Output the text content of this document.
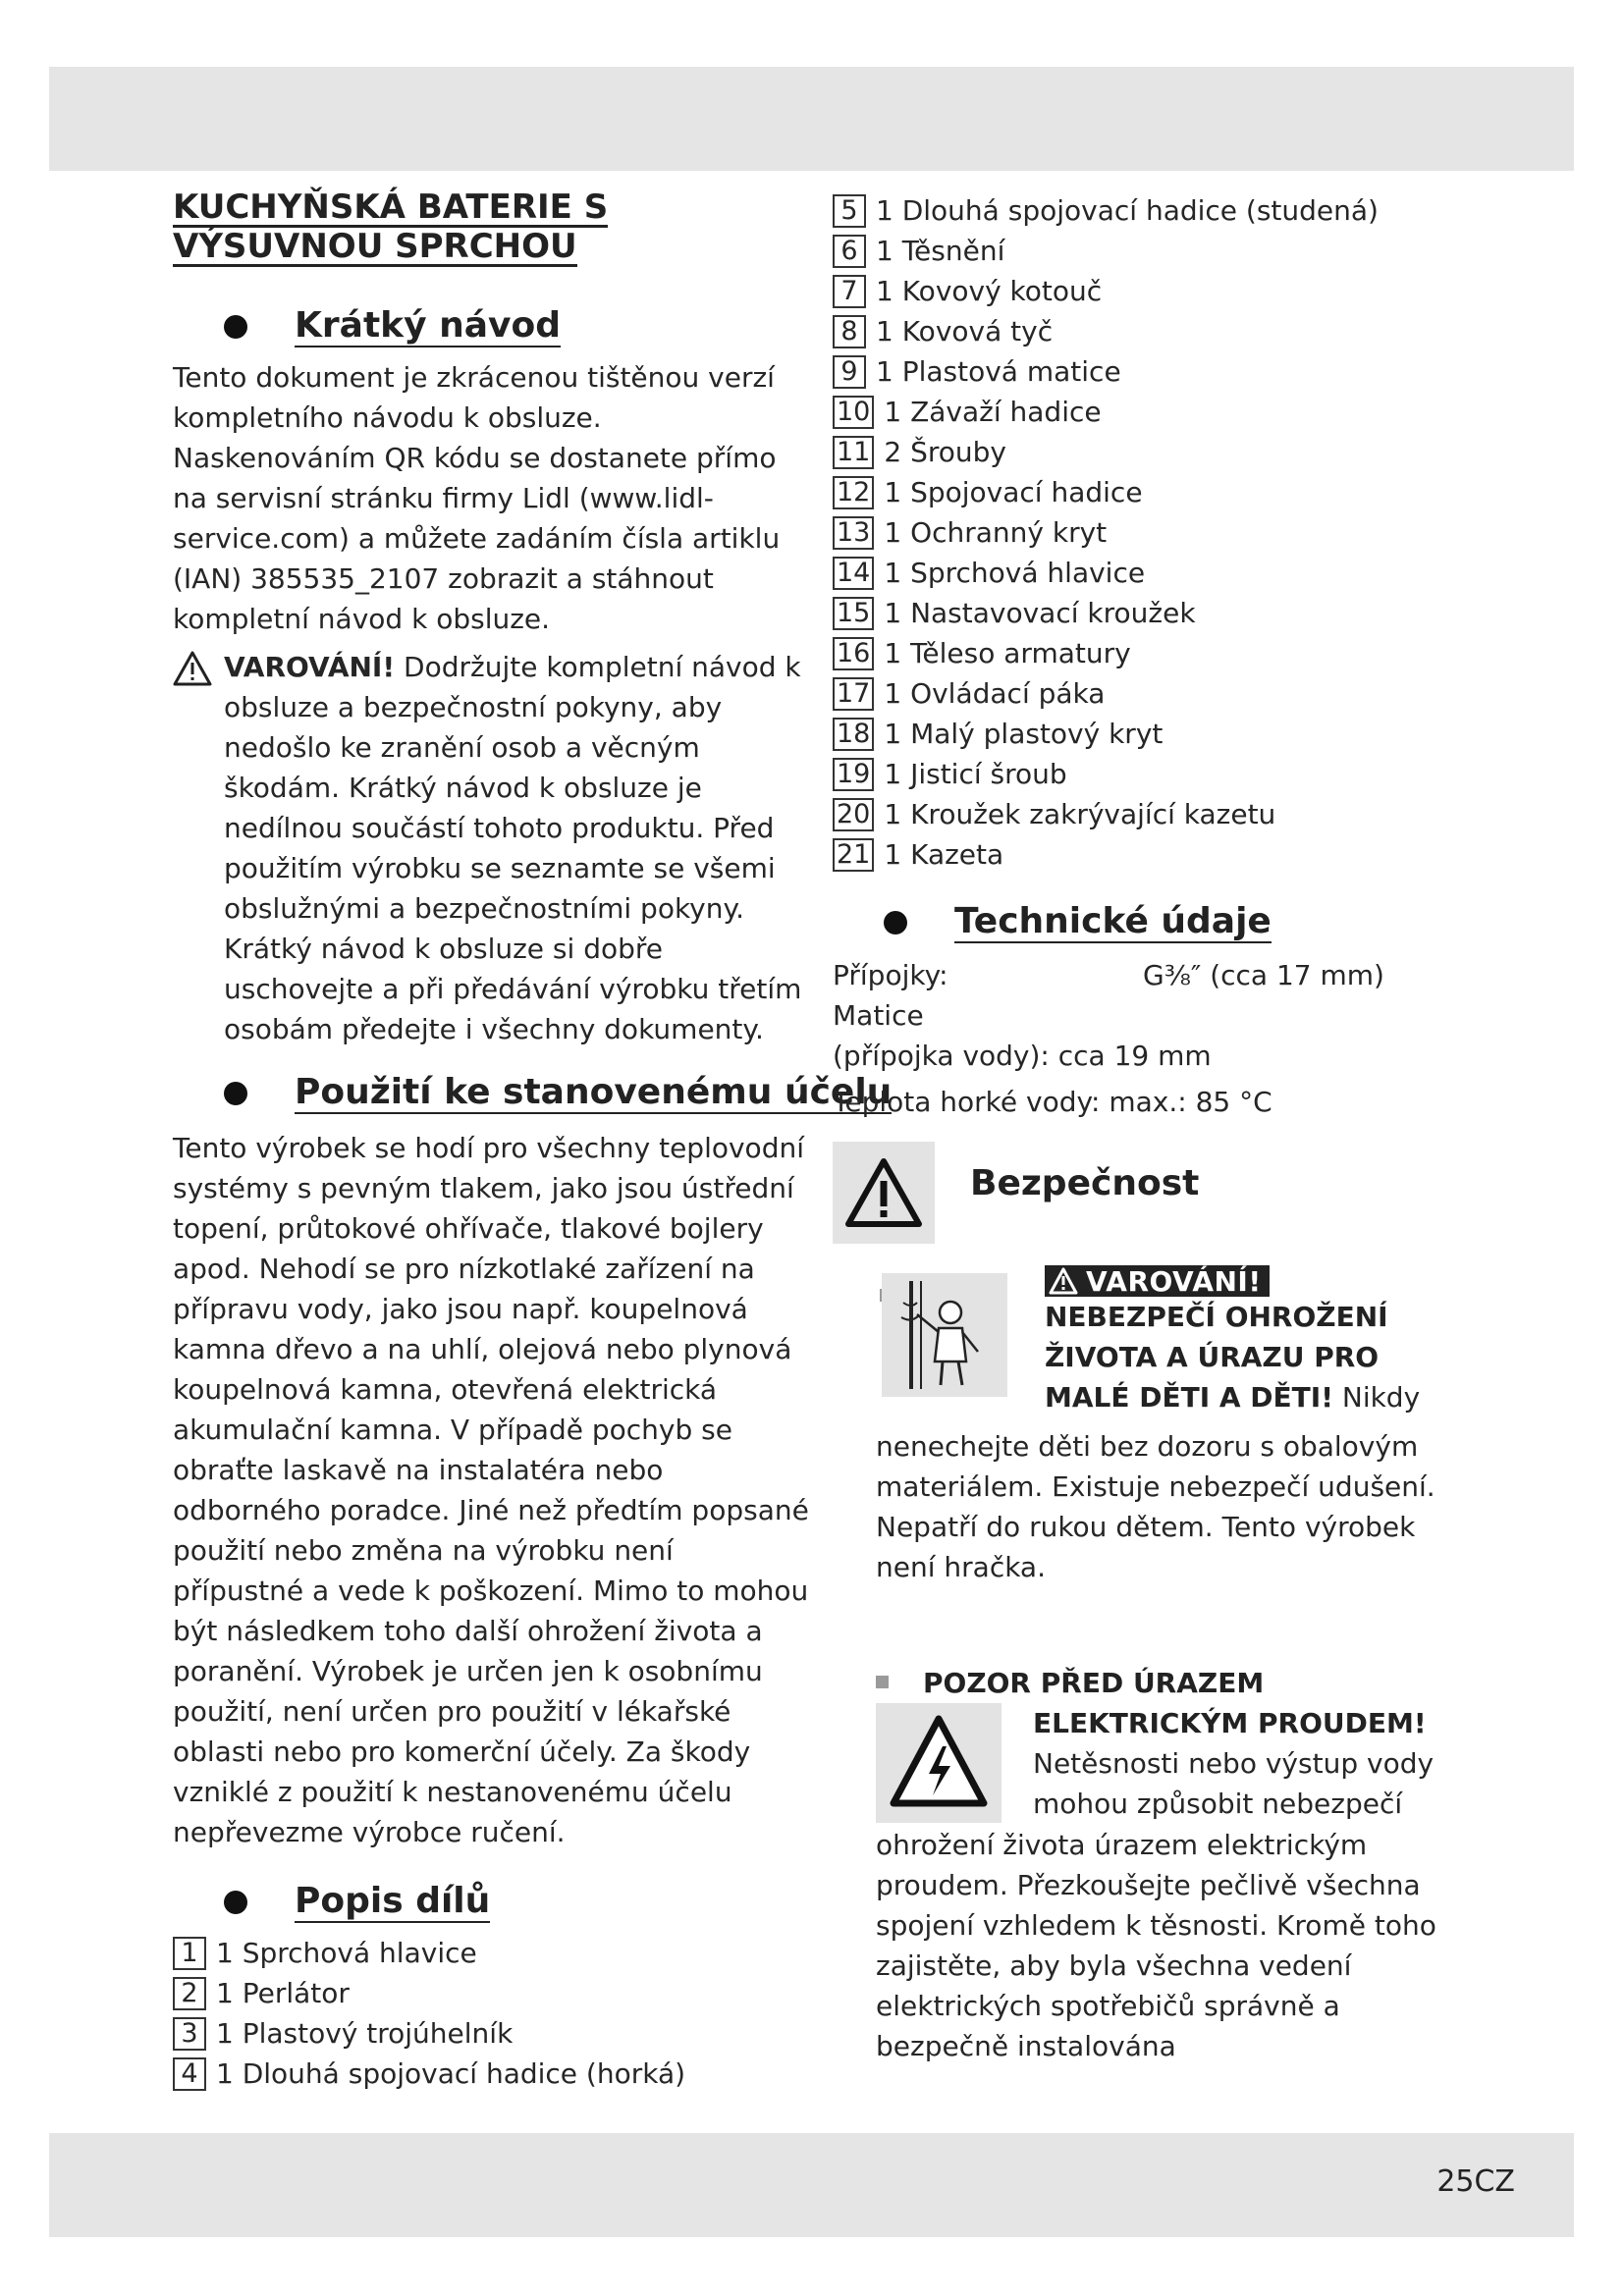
KUCHYŇSKÁ BATERIE S
VÝSUVNOU SPRCHOU
Krátký návod

Tento dokument je zkrácenou tištěnou verzí kompletního návodu k obsluze. Naskenováním QR kódu se dostanete přímo na servisní stránku firmy Lidl (www.lidl-service.com) a můžete zadáním čísla artiklu (IAN) 385535_2107 zobrazit a stáhnout kompletní návod k obsluze.

VAROVÁNÍ! Dodržujte kompletní návod k obsluze a bezpečnostní pokyny, aby nedošlo ke zranění osob a věcným škodám. Krátký návod k obsluze je nedílnou součástí tohoto produktu. Před použitím výrobku se seznamte se všemi obslužnými a bezpečnostními pokyny. Krátký návod k obsluze si dobře uschovejte a při předávání výrobku třetím osobám předejte i všechny dokumenty.

Použití ke stanovenému účelu

Tento výrobek se hodí pro všechny teplovodní systémy s pevným tlakem, jako jsou ústřední topení, průtokové ohřívače, tlakové bojlery apod. Nehodí se pro nízkotlaké zařízení na přípravu vody, jako jsou např. koupelnová kamna dřevo a na uhlí, olejová nebo plynová koupelnová kamna, otevřená elektrická akumulační kamna. V případě pochyb se obraťte laskavě na instalatéra nebo odborného poradce. Jiné než předtím popsané použití nebo změna na výrobku není přípustné a vede k poškození. Mimo to mohou být následkem toho další ohrožení života a poranění. Výrobek je určen jen k osobnímu použití, není určen pro použití v lékařské oblasti nebo pro komerční účely. Za škody vzniklé z použití k nestanovenému účelu nepřevezme výrobce ručení.

Popis dílů
1 1 Sprchová hlavice
2 1 Perlátor
3 1 Plastový trojúhelník
4 1 Dlouhá spojovací hadice (horká)
5 1 Dlouhá spojovací hadice (studená)
6 1 Těsnění
7 1 Kovový kotouč
8 1 Kovová tyč
9 1 Plastová matice
10 1 Závaží hadice
11 2 Šrouby
12 1 Spojovací hadice
13 1 Ochranný kryt
14 1 Sprchová hlavice
15 1 Nastavovací kroužek
16 1 Těleso armatury
17 1 Ovládací páka
18 1 Malý plastový kryt
19 1 Jisticí šroub
20 1 Kroužek zakrývající kazetu
21 1 Kazeta
Technické údaje
Přípojky:	G⅜″ (cca 17 mm)
Matice
(přípojka vody): cca 19 mm
Teplota horké vody: max.: 85 °C
Bezpečnost
VAROVÁNÍ!
NEBEZPEČÍ OHROŽENÍ
ŽIVOTA A ÚRAZU PRO
MALÉ DĚTI A DĚTI! Nikdy

nenechejte děti bez dozoru s obalovým materiálem. Existuje nebezpečí udušení. Nepatří do rukou dětem. Tento výrobek není hračka.

POZOR PŘED ÚRAZEM
ELEKTRICKÝM PROUDEM!
Netěsnosti nebo výstup vody
mohou způsobit nebezpečí

ohrožení života úrazem elektrickým proudem. Přezkoušejte pečlivě všechna spojení vzhledem k těsnosti. Kromě toho zajistěte, aby byla všechna vedení elektrických spotřebičů správně a bezpečně instalována

25CZ
